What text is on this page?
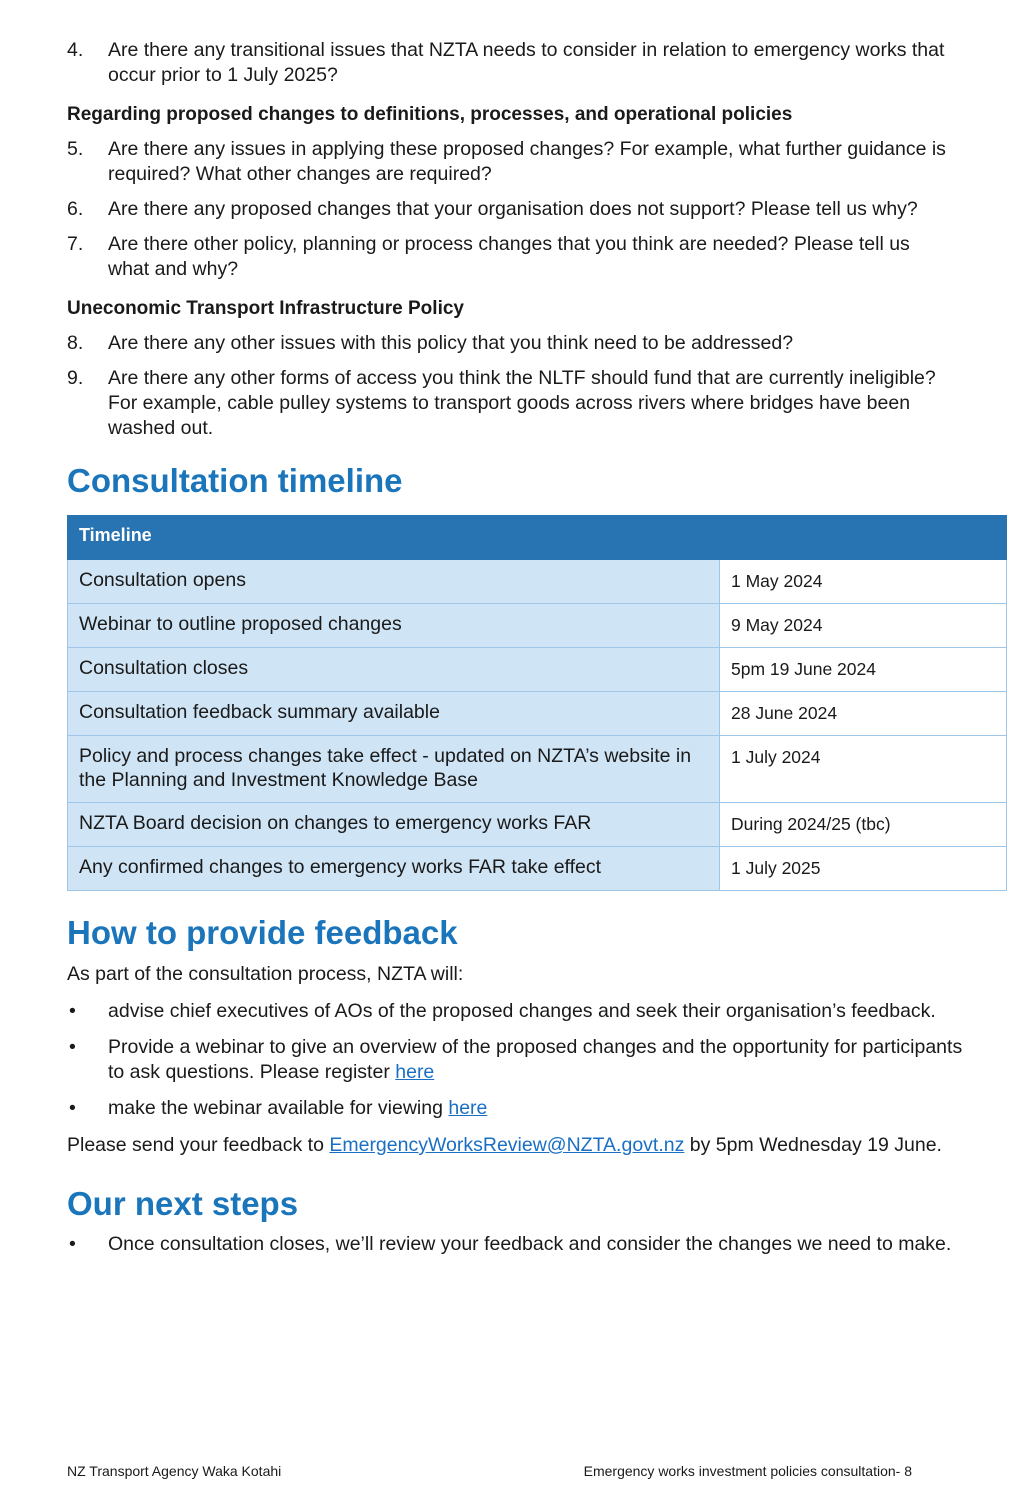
4.	Are there any transitional issues that NZTA needs to consider in relation to emergency works that occur prior to 1 July 2025?
Regarding proposed changes to definitions, processes, and operational policies
5.	Are there any issues in applying these proposed changes? For example, what further guidance is required? What other changes are required?
6.	Are there any proposed changes that your organisation does not support? Please tell us why?
7.	Are there other policy, planning or process changes that you think are needed? Please tell us what and why?
Uneconomic Transport Infrastructure Policy
8.	Are there any other issues with this policy that you think need to be addressed?
9.	Are there any other forms of access you think the NLTF should fund that are currently ineligible? For example, cable pulley systems to transport goods across rivers where bridges have been washed out.
Consultation timeline
Timeline	
Consultation opens	1 May 2024
Webinar to outline proposed changes	9 May 2024
Consultation closes	5pm 19 June 2024
Consultation feedback summary available	28 June 2024
Policy and process changes take effect - updated on NZTA’s website in the Planning and Investment Knowledge Base	1 July 2024
NZTA Board decision on changes to emergency works FAR	During 2024/25 (tbc)
Any confirmed changes to emergency works FAR take effect	1 July 2025
How to provide feedback
As part of the consultation process, NZTA will:
•	advise chief executives of AOs of the proposed changes and seek their organisation’s feedback.
•	Provide a webinar to give an overview of the proposed changes and the opportunity for participants to ask questions. Please register here
•	make the webinar available for viewing here
Please send your feedback to EmergencyWorksReview@NZTA.govt.nz by 5pm Wednesday 19 June.
Our next steps
•	Once consultation closes, we’ll review your feedback and consider the changes we need to make.
NZ Transport Agency Waka Kotahi	Emergency works investment policies consultation- 8
